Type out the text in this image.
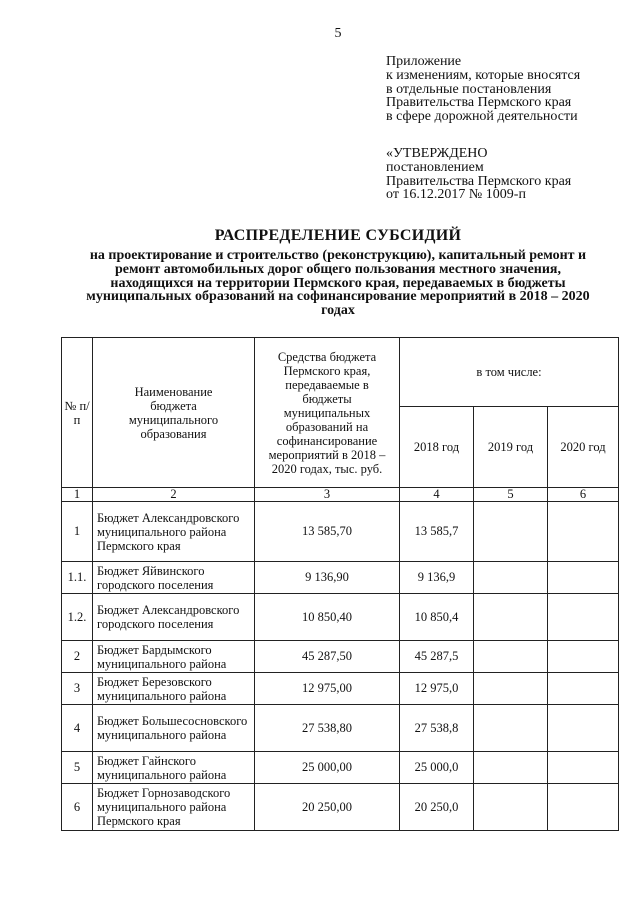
5
Приложение
к изменениям, которые вносятся
в отдельные постановления
Правительства Пермского края
в сфере дорожной деятельности
«УТВЕРЖДЕНО
постановлением
Правительства Пермского края
от 16.12.2017 № 1009-п
РАСПРЕДЕЛЕНИЕ СУБСИДИЙ
на проектирование и строительство (реконструкцию), капитальный ремонт и ремонт автомобильных дорог общего пользования местного значения, находящихся на территории Пермского края, передаваемых в бюджеты муниципальных образований на софинансирование мероприятий в 2018 – 2020 годах
№ п/п	Наименование бюджета муниципального образования	Средства бюджета Пермского края, передаваемые в бюджеты муниципальных образований на софинансирование мероприятий в 2018 – 2020 годах, тыс. руб.	в том числе:		
			2018 год	2019 год	2020 год
1	2	3	4	5	6
1	Бюджет Александровского муниципального района Пермского края	13 585,70	13 585,7		
1.1.	Бюджет Яйвинского городского поселения	9 136,90	9 136,9		
1.2.	Бюджет Александровского городского поселения	10 850,40	10 850,4		
2	Бюджет Бардымского муниципального района	45 287,50	45 287,5		
3	Бюджет Березовского муниципального района	12 975,00	12 975,0		
4	Бюджет Большесосновского муниципального района	27 538,80	27 538,8		
5	Бюджет Гайнского муниципального района	25 000,00	25 000,0		
6	Бюджет Горнозаводского муниципального района Пермского края	20 250,00	20 250,0		
